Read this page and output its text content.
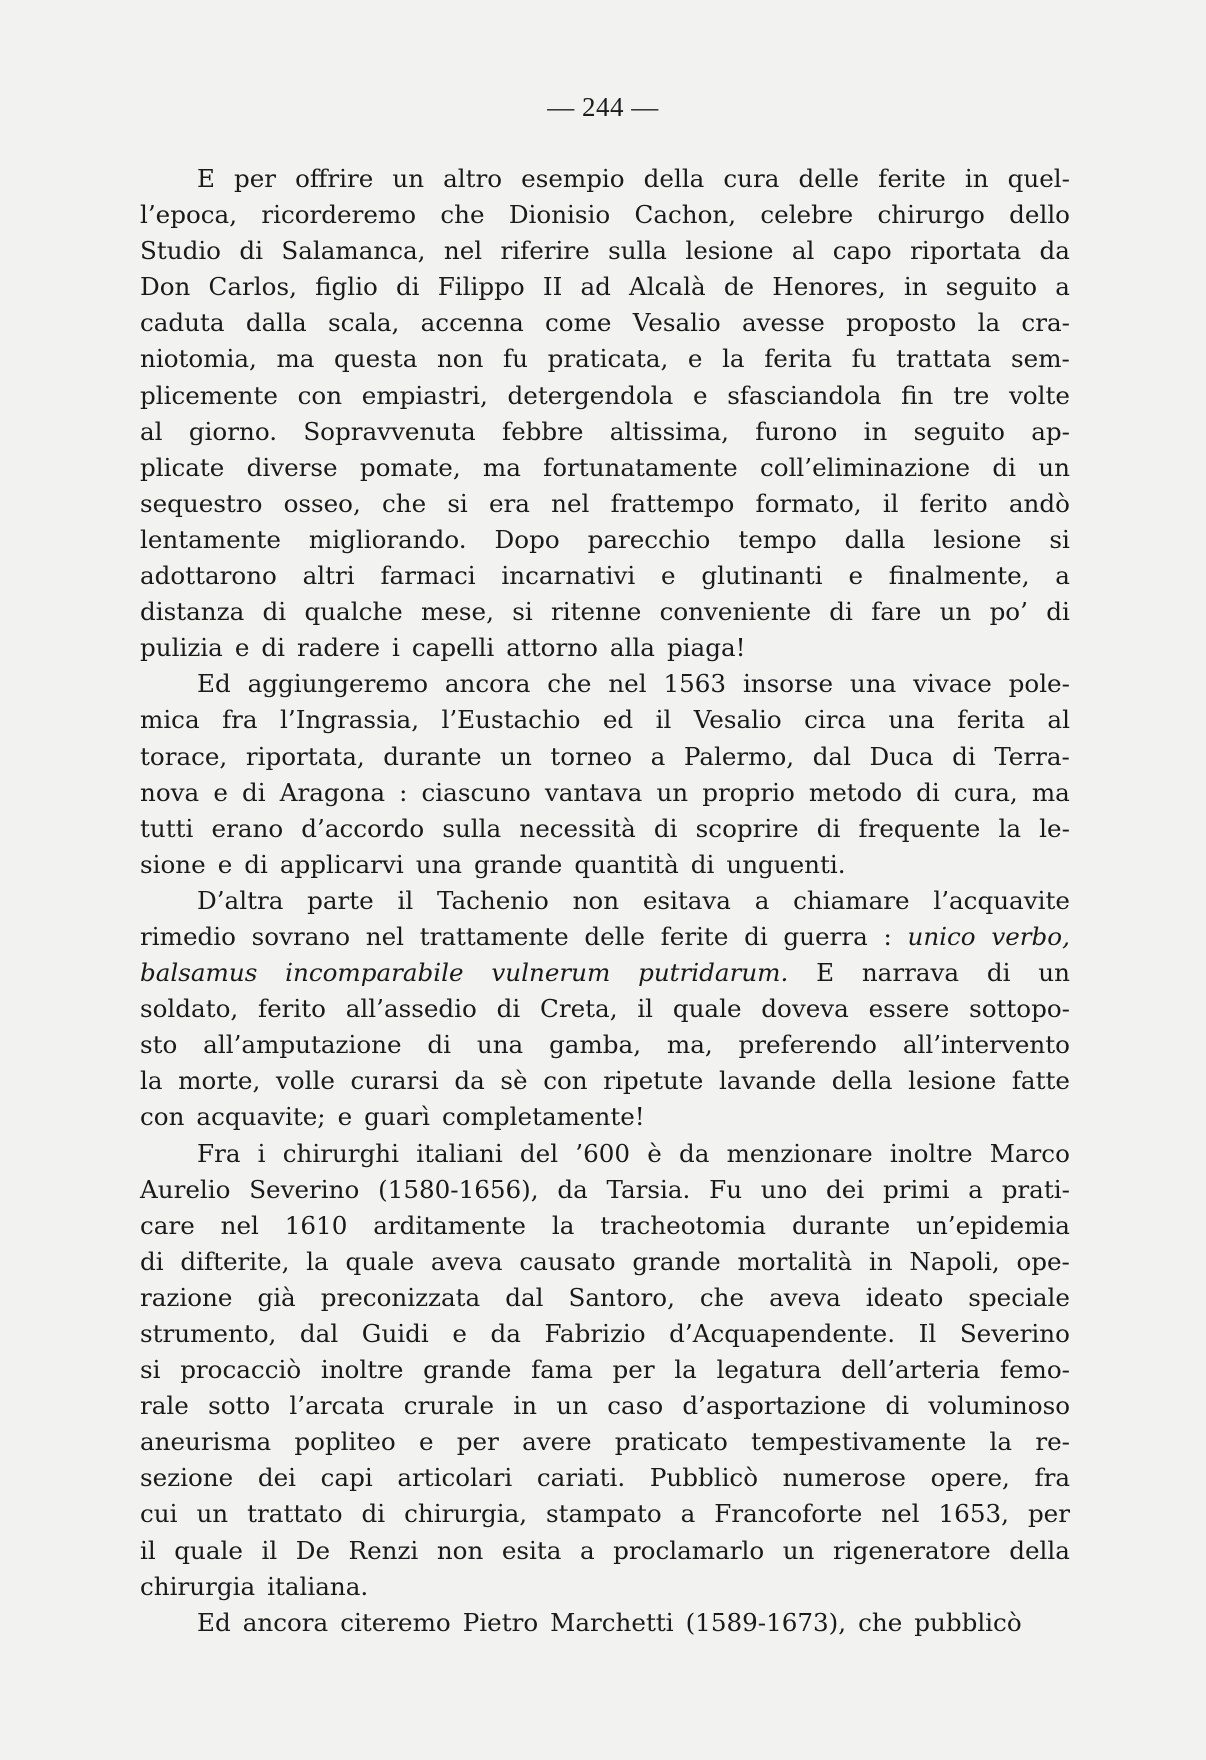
— 244 —
E per offrire un altro esempio della cura delle ferite in quel-
l’epoca, ricorderemo che Dionisio Cachon, celebre chirurgo dello
Studio di Salamanca, nel riferire sulla lesione al capo riportata da
Don Carlos, figlio di Filippo II ad Alcalà de Henores, in seguito a
caduta dalla scala, accenna come Vesalio avesse proposto la cra-
niotomia, ma questa non fu praticata, e la ferita fu trattata sem-
plicemente con empiastri, detergendola e sfasciandola fin tre volte
al giorno. Sopravvenuta febbre altissima, furono in seguito ap-
plicate diverse pomate, ma fortunatamente coll’eliminazione di un
sequestro osseo, che si era nel frattempo formato, il ferito andò
lentamente migliorando. Dopo parecchio tempo dalla lesione si
adottarono altri farmaci incarnativi e glutinanti e finalmente, a
distanza di qualche mese, si ritenne conveniente di fare un po’ di
pulizia e di radere i capelli attorno alla piaga!
Ed aggiungeremo ancora che nel 1563 insorse una vivace pole-
mica fra l’Ingrassia, l’Eustachio ed il Vesalio circa una ferita al
torace, riportata, durante un torneo a Palermo, dal Duca di Terra-
nova e di Aragona : ciascuno vantava un proprio metodo di cura, ma
tutti erano d’accordo sulla necessità di scoprire di frequente la le-
sione e di applicarvi una grande quantità di unguenti.
D’altra parte il Tachenio non esitava a chiamare l’acquavite
rimedio sovrano nel trattamente delle ferite di guerra : unico verbo,
balsamus incomparabile vulnerum putridarum. E narrava di un
soldato, ferito all’assedio di Creta, il quale doveva essere sottopo-
sto all’amputazione di una gamba, ma, preferendo all’intervento
la morte, volle curarsi da sè con ripetute lavande della lesione fatte
con acquavite; e guarì completamente!
Fra i chirurghi italiani del ’600 è da menzionare inoltre Marco
Aurelio Severino (1580-1656), da Tarsia. Fu uno dei primi a prati-
care nel 1610 arditamente la tracheotomia durante un’epidemia
di difterite, la quale aveva causato grande mortalità in Napoli, ope-
razione già preconizzata dal Santoro, che aveva ideato speciale
strumento, dal Guidi e da Fabrizio d’Acquapendente. Il Severino
si procacciò inoltre grande fama per la legatura dell’arteria femo-
rale sotto l’arcata crurale in un caso d’asportazione di voluminoso
aneurisma popliteo e per avere praticato tempestivamente la re-
sezione dei capi articolari cariati. Pubblicò numerose opere, fra
cui un trattato di chirurgia, stampato a Francoforte nel 1653, per
il quale il De Renzi non esita a proclamarlo un rigeneratore della
chirurgia italiana.
Ed ancora citeremo Pietro Marchetti (1589-1673), che pubblicò
